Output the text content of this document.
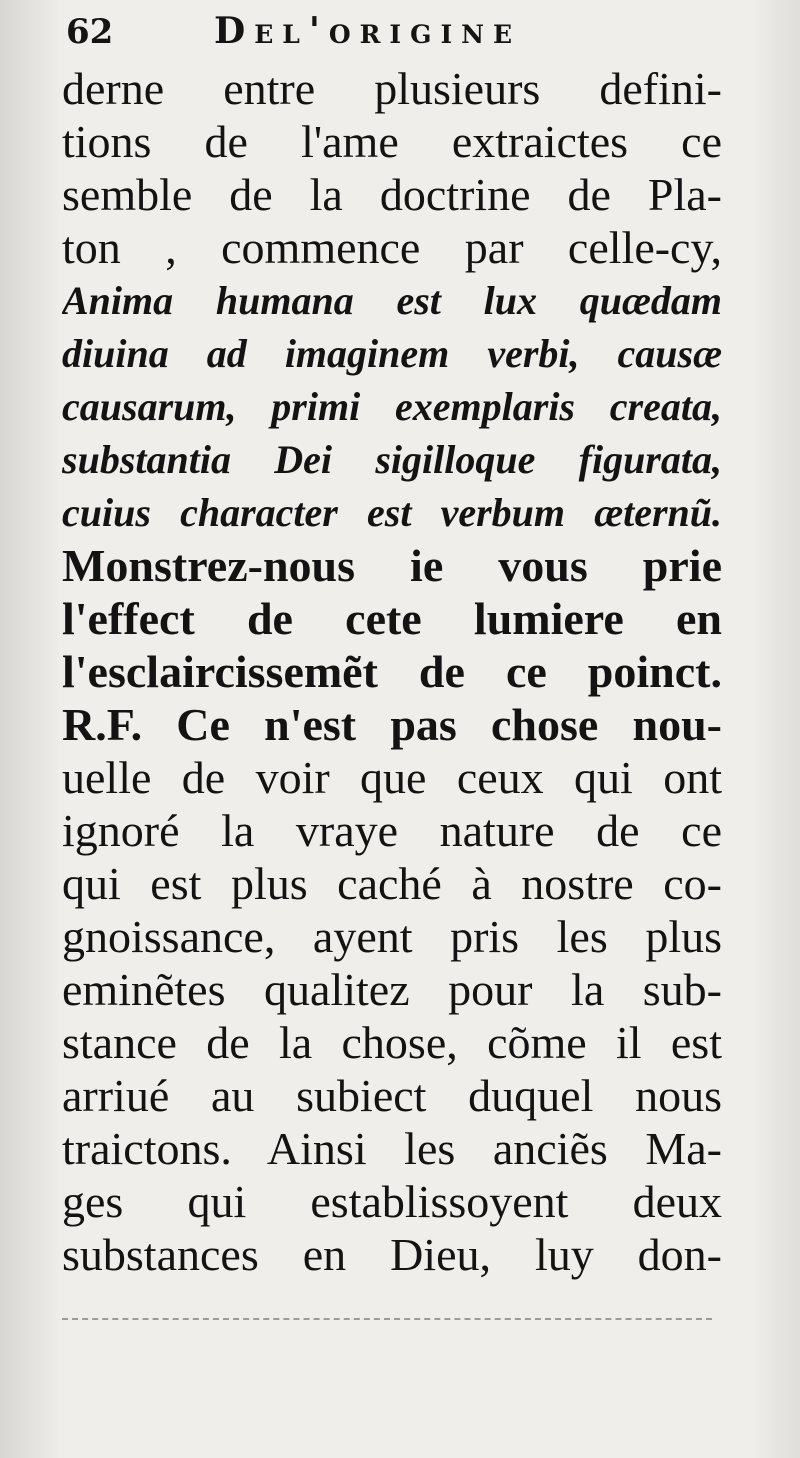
62	Del'origine
derne entre plusieurs defini-
tions de l'ame extraictes ce
semble de la doctrine de Pla-
ton , commence par celle-cy,
Anima humana est lux quædam
diuina ad imaginem verbi, causæ
causarum, primi exemplaris creata,
substantia Dei sigilloque figurata,
cuius character est verbum æternũ.
Monstrez-nous ie vous prie
l'effect de cete lumiere en
l'esclaircissemẽt de ce poinct.
R.F. Ce n'est pas chose nou-
uelle de voir que ceux qui ont
ignoré la vraye nature de ce
qui est plus caché à nostre co-
gnoissance, ayent pris les plus
eminẽtes qualitez pour la sub-
stance de la chose, cõme il est
arriué au subiect duquel nous
traictons. Ainsi les anciẽs Ma-
ges qui establissoyent deux
substances en Dieu, luy don-
